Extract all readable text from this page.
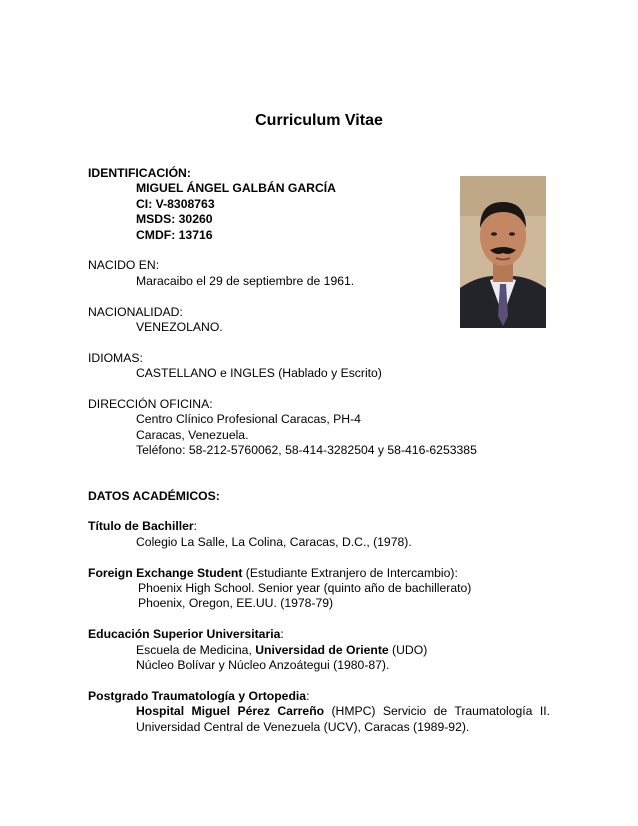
Curriculum Vitae
IDENTIFICACIÓN:
MIGUEL ÁNGEL GALBÁN GARCÍA
CI: V-8308763
MSDS: 30260
CMDF: 13716
NACIDO EN:
Maracaibo el 29 de septiembre de 1961.
NACIONALIDAD:
VENEZOLANO.
IDIOMAS:
CASTELLANO e INGLES (Hablado y Escrito)
DIRECCIÓN OFICINA:
Centro Clínico Profesional Caracas, PH-4
Caracas, Venezuela.
Teléfono: 58-212-5760062, 58-414-3282504 y 58-416-6253385
DATOS ACADÉMICOS:
Título de Bachiller:
Colegio La Salle, La Colina, Caracas, D.C., (1978).
Foreign Exchange Student (Estudiante Extranjero de Intercambio):
Phoenix High School. Senior year (quinto año de bachillerato)
Phoenix, Oregon, EE.UU. (1978-79)
Educación Superior Universitaria:
Escuela de Medicina, Universidad de Oriente (UDO)
Núcleo Bolívar y Núcleo Anzoátegui (1980-87).
Postgrado Traumatología y Ortopedia:
Hospital Miguel Pérez Carreño (HMPC) Servicio de Traumatología II.
Universidad Central de Venezuela (UCV), Caracas (1989-92).
